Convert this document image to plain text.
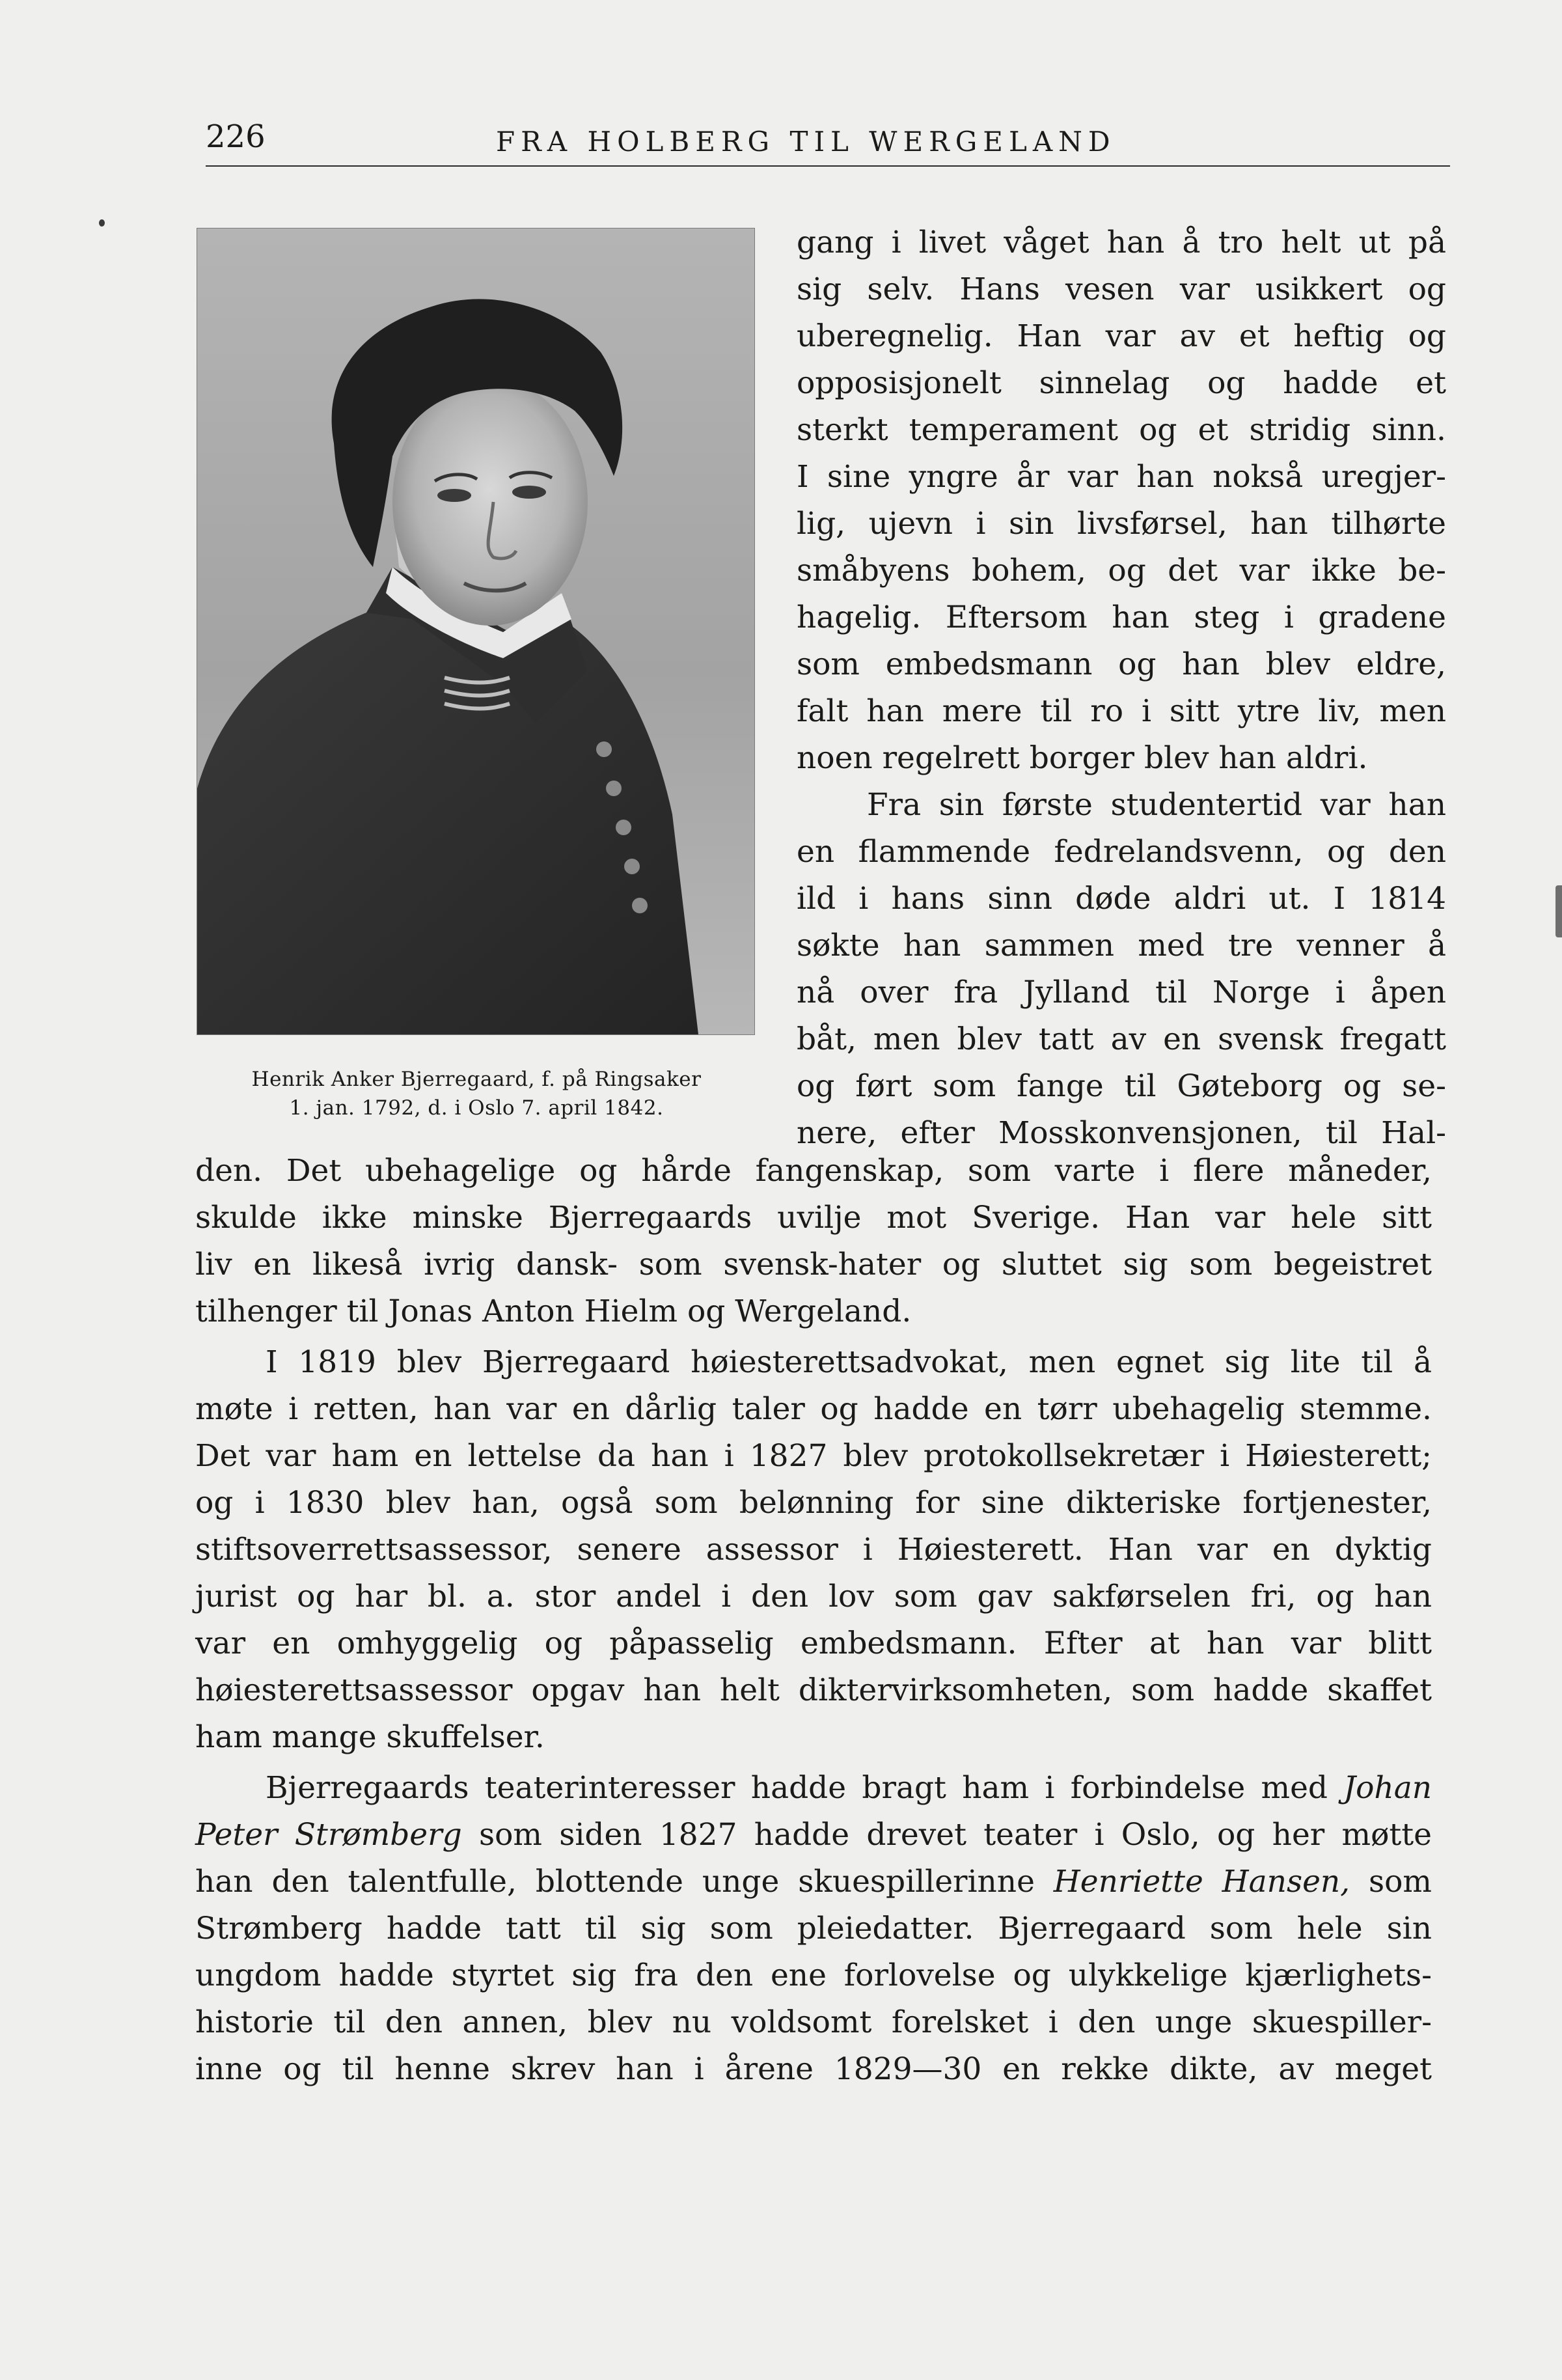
226	FRA HOLBERG TIL WERGELAND
Henrik Anker Bjerregaard, f. på Ringsaker
1. jan. 1792, d. i Oslo 7. april 1842.
gang i livet våget han å tro helt ut på
sig selv. Hans vesen var usikkert og
uberegnelig. Han var av et heftig og
opposisjonelt sinnelag og hadde et
sterkt temperament og et stridig sinn.
I sine yngre år var han nokså uregjer-
lig, ujevn i sin livsførsel, han tilhørte
småbyens bohem, og det var ikke be-
hagelig. Eftersom han steg i gradene
som embedsmann og han blev eldre,
falt han mere til ro i sitt ytre liv, men
noen regelrett borger blev han aldri.
Fra sin første studentertid var han
en flammende fedrelandsvenn, og den
ild i hans sinn døde aldri ut. I 1814
søkte han sammen med tre venner å
nå over fra Jylland til Norge i åpen
båt, men blev tatt av en svensk fregatt
og ført som fange til Gøteborg og se-
nere, efter Mosskonvensjonen, til Hal-
den. Det ubehagelige og hårde fangenskap, som varte i flere måneder,
skulde ikke minske Bjerregaards uvilje mot Sverige. Han var hele sitt
liv en likeså ivrig dansk- som svensk-hater og sluttet sig som begeistret
tilhenger til Jonas Anton Hielm og Wergeland.
I 1819 blev Bjerregaard høiesterettsadvokat, men egnet sig lite til å
møte i retten, han var en dårlig taler og hadde en tørr ubehagelig stemme.
Det var ham en lettelse da han i 1827 blev protokollsekretær i Høiesterett;
og i 1830 blev han, også som belønning for sine dikteriske fortjenester,
stiftsoverrettsassessor, senere assessor i Høiesterett. Han var en dyktig
jurist og har bl. a. stor andel i den lov som gav sakførselen fri, og han
var en omhyggelig og påpasselig embedsmann. Efter at han var blitt
høiesterettsassessor opgav han helt diktervirksomheten, som hadde skaffet
ham mange skuffelser.
Bjerregaards teaterinteresser hadde bragt ham i forbindelse med Johan
Peter Strømberg som siden 1827 hadde drevet teater i Oslo, og her møtte
han den talentfulle, blottende unge skuespillerinne Henriette Hansen, som
Strømberg hadde tatt til sig som pleiedatter. Bjerregaard som hele sin
ungdom hadde styrtet sig fra den ene forlovelse og ulykkelige kjærlighets-
historie til den annen, blev nu voldsomt forelsket i den unge skuespiller-
inne og til henne skrev han i årene 1829—30 en rekke dikte, av meget
